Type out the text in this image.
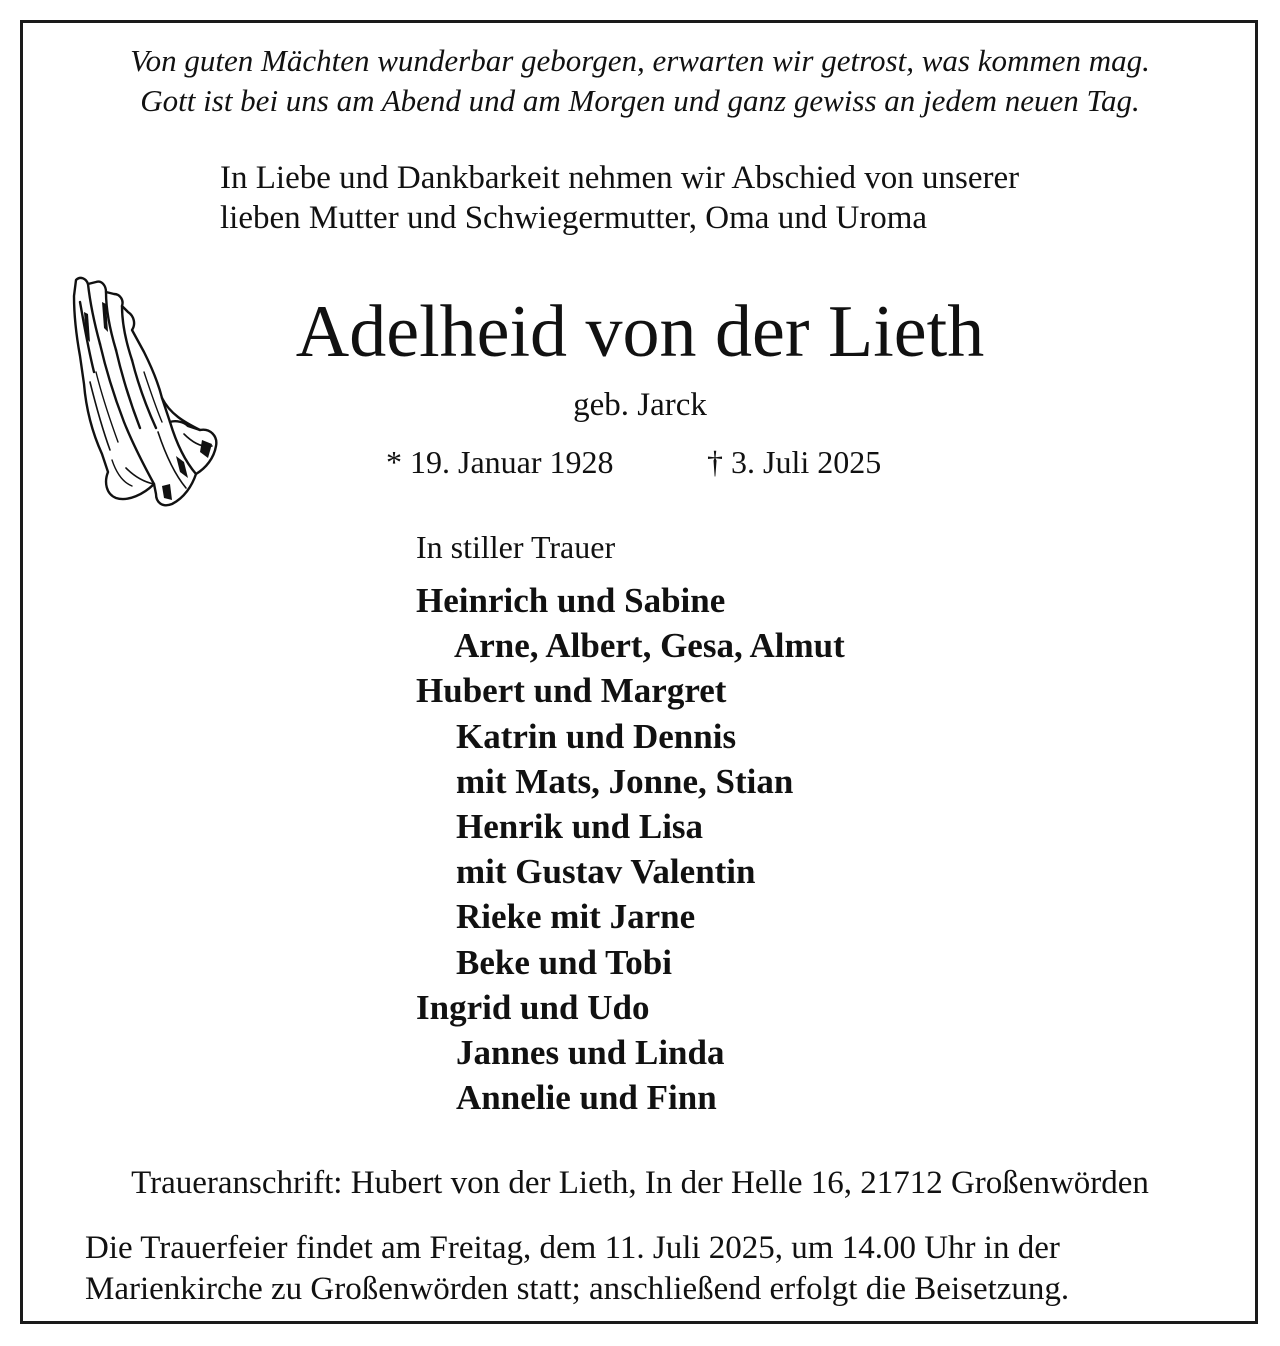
Von guten Mächten wunderbar geborgen, erwarten wir getrost, was kommen mag.
Gott ist bei uns am Abend und am Morgen und ganz gewiss an jedem neuen Tag.
In Liebe und Dankbarkeit nehmen wir Abschied von unserer
lieben Mutter und Schwiegermutter, Oma und Uroma
Adelheid von der Lieth
geb. Jarck
* 19. Januar 1928	† 3. Juli 2025
In stiller Trauer
Heinrich und Sabine
Arne, Albert, Gesa, Almut
Hubert und Margret
Katrin und Dennis
mit Mats, Jonne, Stian
Henrik und Lisa
mit Gustav Valentin
Rieke mit Jarne
Beke und Tobi
Ingrid und Udo
Jannes und Linda
Annelie und Finn
Traueranschrift: Hubert von der Lieth, In der Helle 16, 21712 Großenwörden
Die Trauerfeier findet am Freitag, dem 11. Juli 2025, um 14.00 Uhr in der
Marienkirche zu Großenwörden statt; anschließend erfolgt die Beisetzung.
